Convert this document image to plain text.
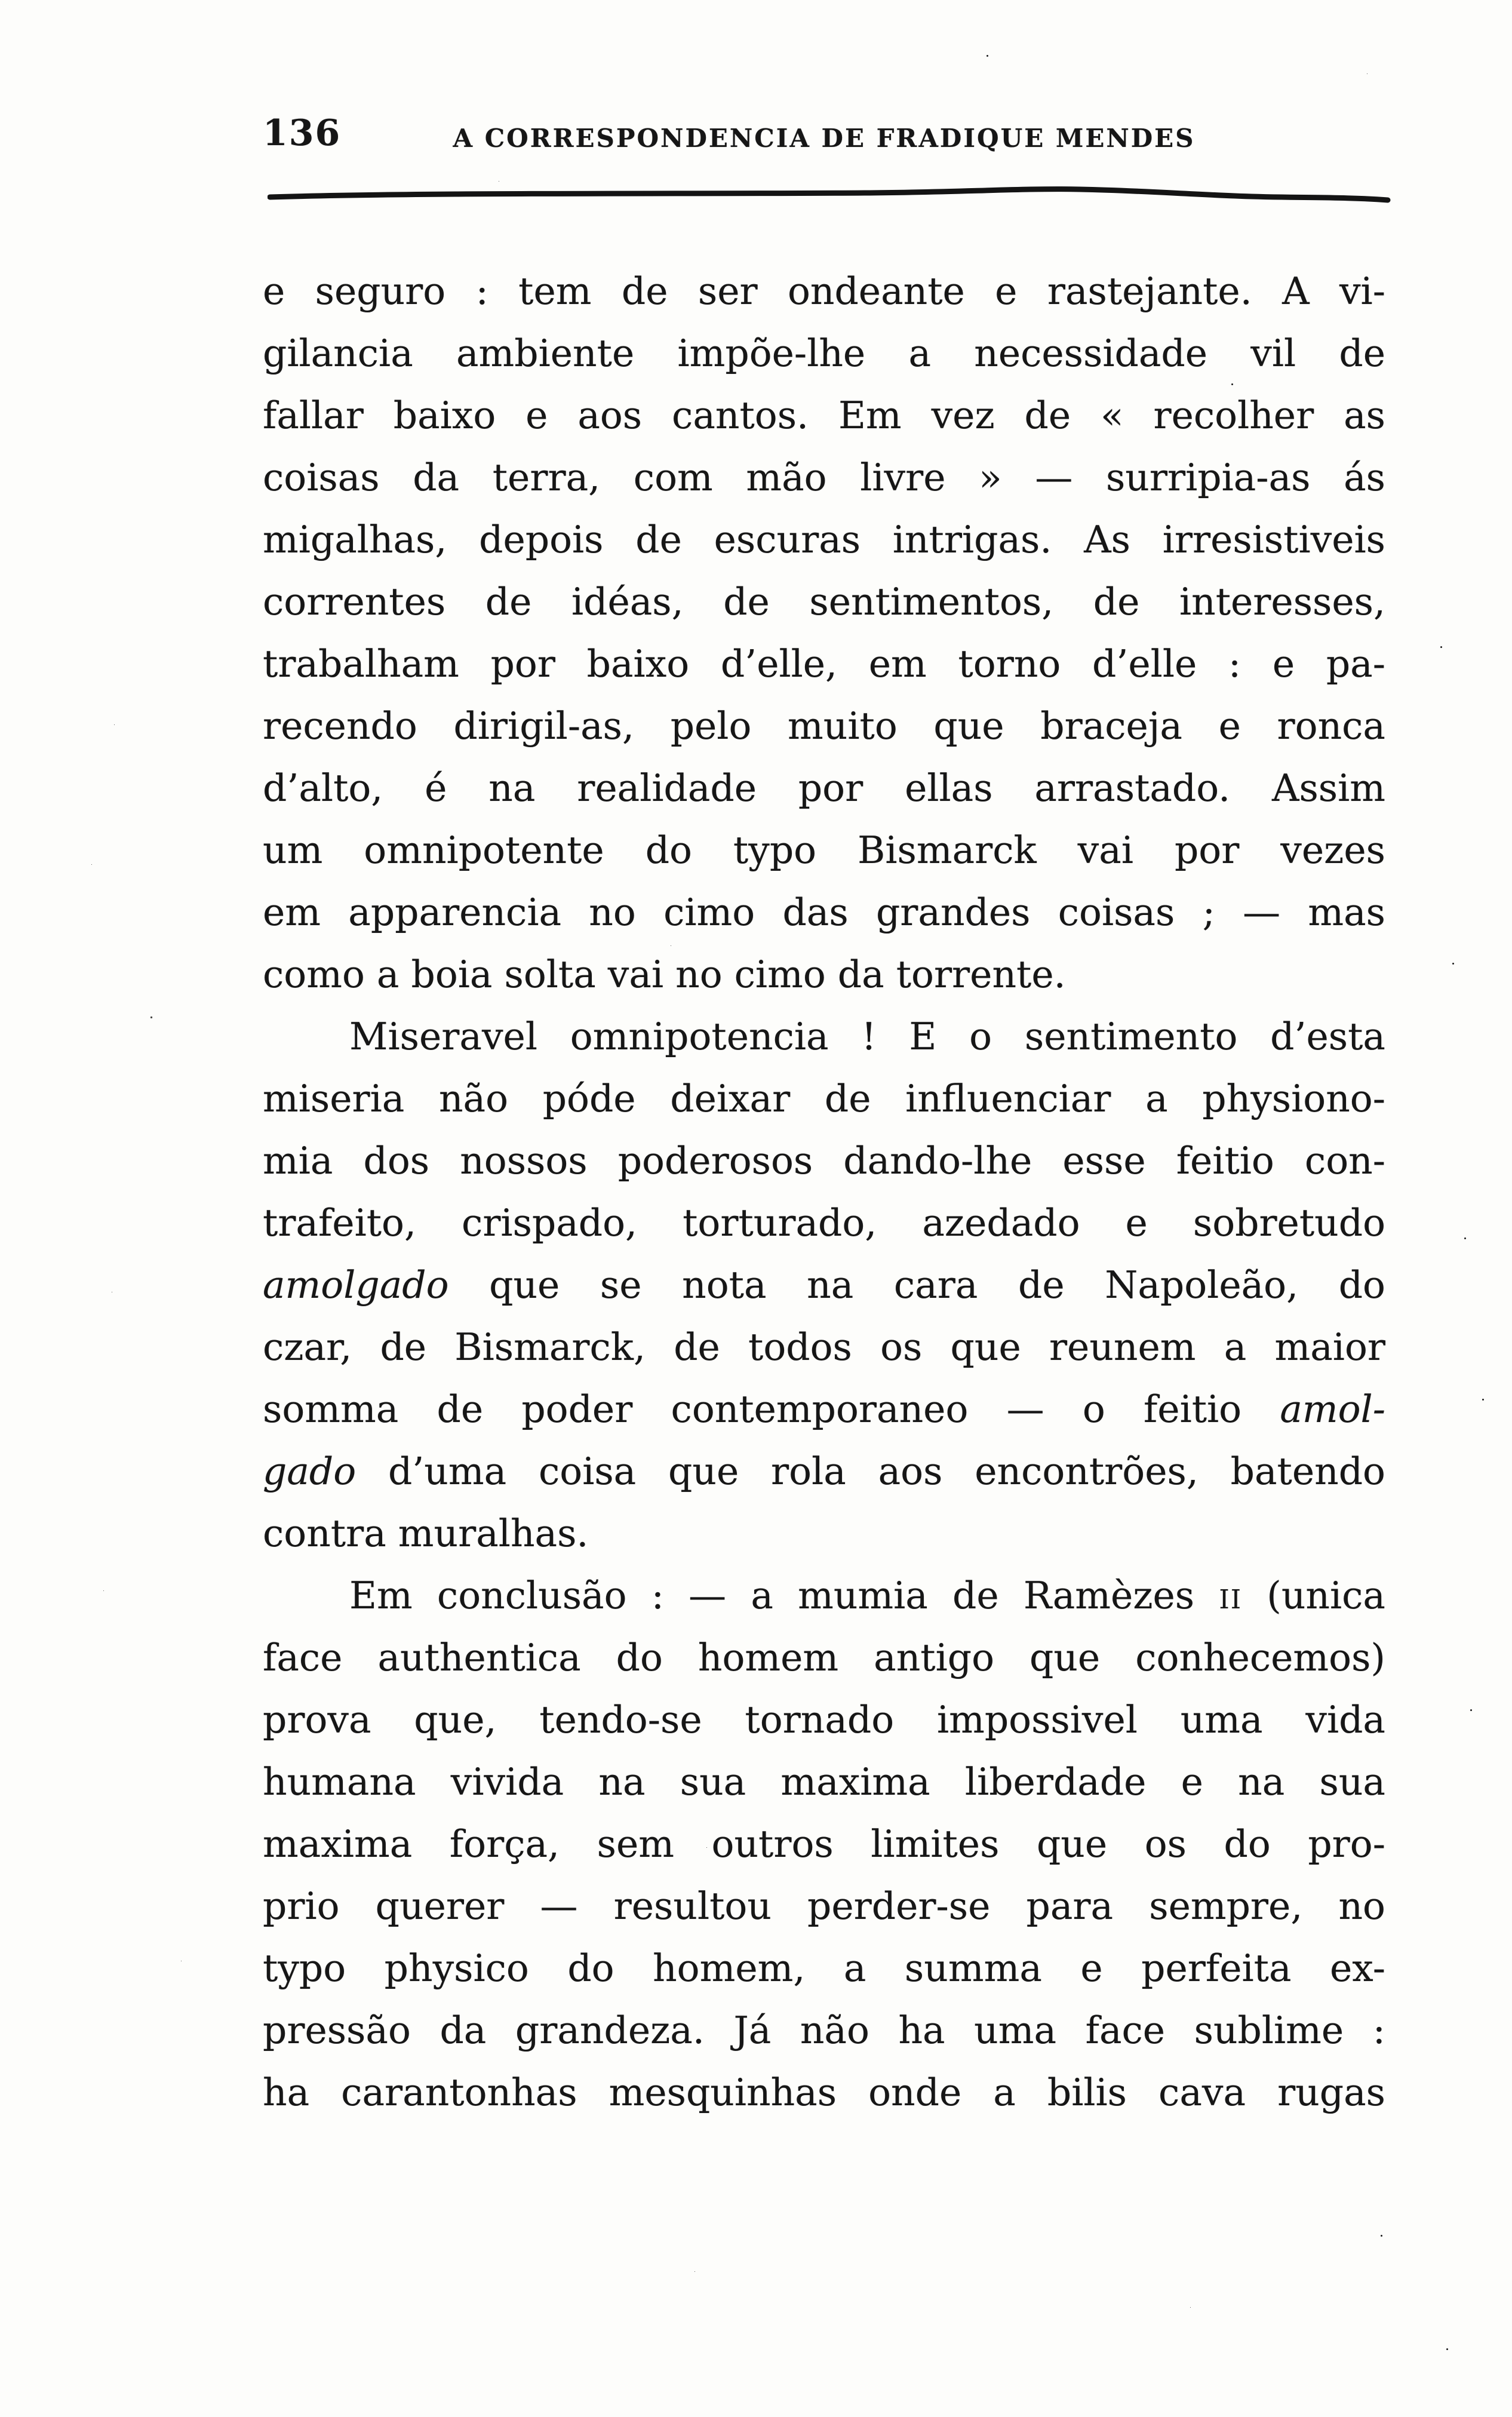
136	A CORRESPONDENCIA DE FRADIQUE MENDES
e seguro : tem de ser ondeante e rastejante. A vi-
gilancia ambiente impõe-lhe a necessidade vil de
fallar baixo e aos cantos. Em vez de « recolher as
coisas da terra, com mão livre » — surripia-as ás
migalhas, depois de escuras intrigas. As irresistiveis
correntes de idéas, de sentimentos, de interesses,
trabalham por baixo d’elle, em torno d’elle : e pa-
recendo dirigil-as, pelo muito que braceja e ronca
d’alto, é na realidade por ellas arrastado. Assim
um omnipotente do typo Bismarck vai por vezes
em apparencia no cimo das grandes coisas ; — mas
como a boia solta vai no cimo da torrente.
Miseravel omnipotencia ! E o sentimento d’esta
miseria não póde deixar de influenciar a physiono-
mia dos nossos poderosos dando-lhe esse feitio con-
trafeito, crispado, torturado, azedado e sobretudo
amolgado que se nota na cara de Napoleão, do
czar, de Bismarck, de todos os que reunem a maior
somma de poder contemporaneo — o feitio amol-
gado d’uma coisa que rola aos encontrões, batendo
contra muralhas.
Em conclusão : — a mumia de Ramèzes ii (unica
face authentica do homem antigo que conhecemos)
prova que, tendo-se tornado impossivel uma vida
humana vivida na sua maxima liberdade e na sua
maxima força, sem outros limites que os do pro-
prio querer — resultou perder-se para sempre, no
typo physico do homem, a summa e perfeita ex-
pressão da grandeza. Já não ha uma face sublime :
ha carantonhas mesquinhas onde a bilis cava rugas
